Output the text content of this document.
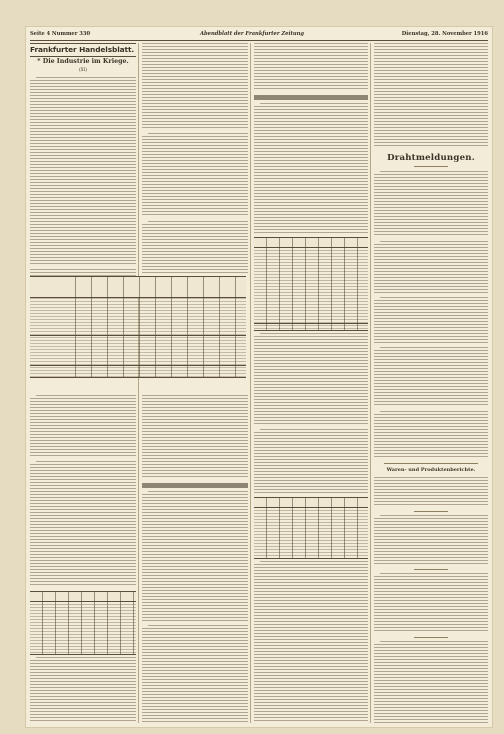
Seite 4 Nummer 330	Abendblatt der Frankfurter Zeitung	Dienstag, 28. November 1916
Frankfurter Handelsblatt.
* Die Industrie im Kriege.
(XI)
Drahtmeldungen.
Waren- und Produktenberichte.
